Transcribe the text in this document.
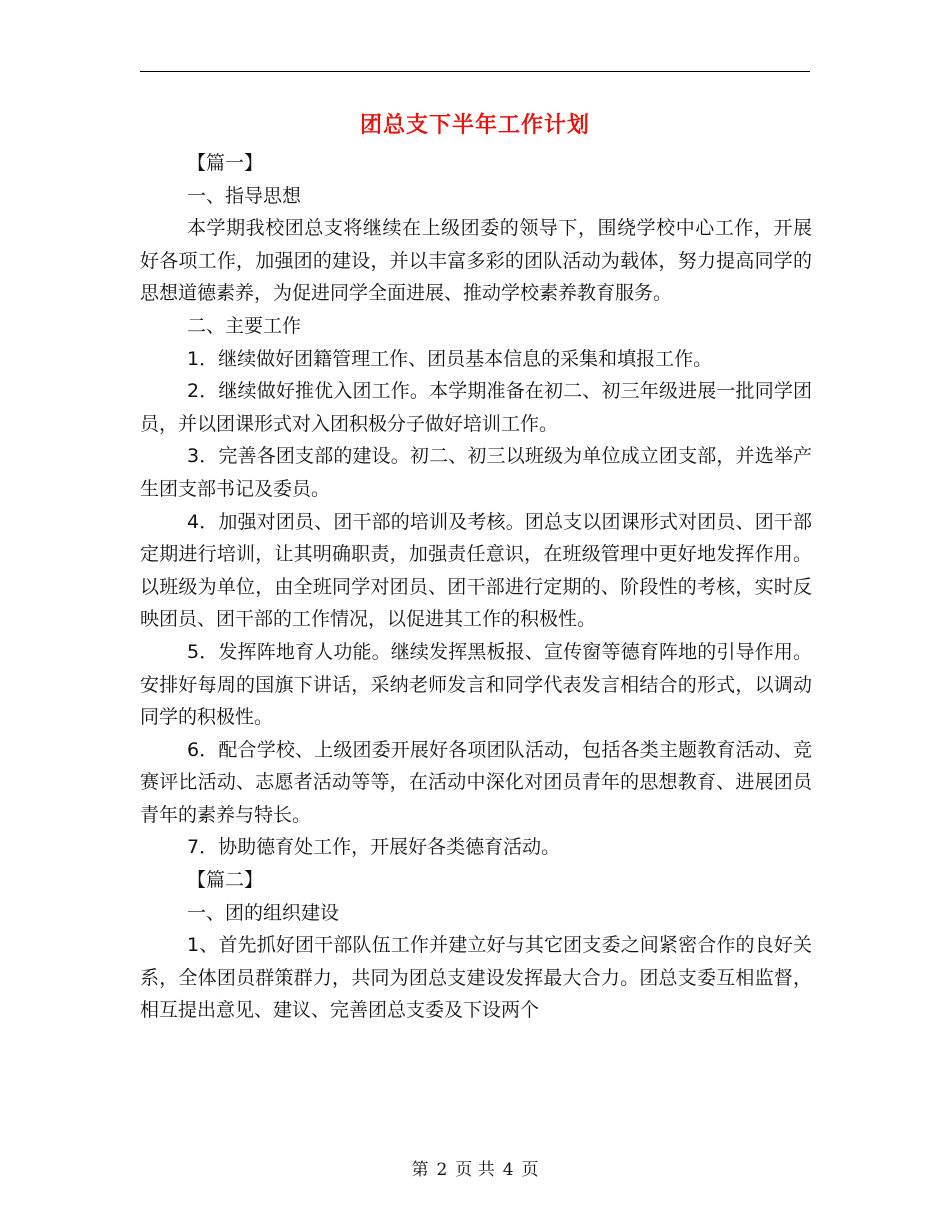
团总支下半年工作计划

【篇一】

一、指导思想

本学期我校团总支将继续在上级团委的领导下，围绕学校中心工作，开展好各项工作，加强团的建设，并以丰富多彩的团队活动为载体，努力提高同学的思想道德素养，为促进同学全面进展、推动学校素养教育服务。

二、主要工作

1．继续做好团籍管理工作、团员基本信息的采集和填报工作。

2．继续做好推优入团工作。本学期准备在初二、初三年级进展一批同学团员，并以团课形式对入团积极分子做好培训工作。

3．完善各团支部的建设。初二、初三以班级为单位成立团支部，并选举产生团支部书记及委员。

4．加强对团员、团干部的培训及考核。团总支以团课形式对团员、团干部定期进行培训，让其明确职责，加强责任意识，在班级管理中更好地发挥作用。以班级为单位，由全班同学对团员、团干部进行定期的、阶段性的考核，实时反映团员、团干部的工作情况，以促进其工作的积极性。

5．发挥阵地育人功能。继续发挥黑板报、宣传窗等德育阵地的引导作用。安排好每周的国旗下讲话，采纳老师发言和同学代表发言相结合的形式，以调动同学的积极性。

6．配合学校、上级团委开展好各项团队活动，包括各类主题教育活动、竞赛评比活动、志愿者活动等等，在活动中深化对团员青年的思想教育、进展团员青年的素养与特长。

7．协助德育处工作，开展好各类德育活动。

【篇二】

一、团的组织建设

1、首先抓好团干部队伍工作并建立好与其它团支委之间紧密合作的良好关系，全体团员群策群力，共同为团总支建设发挥最大合力。团总支委互相监督，相互提出意见、建议、完善团总支委及下设两个

第 2 页 共 4 页
